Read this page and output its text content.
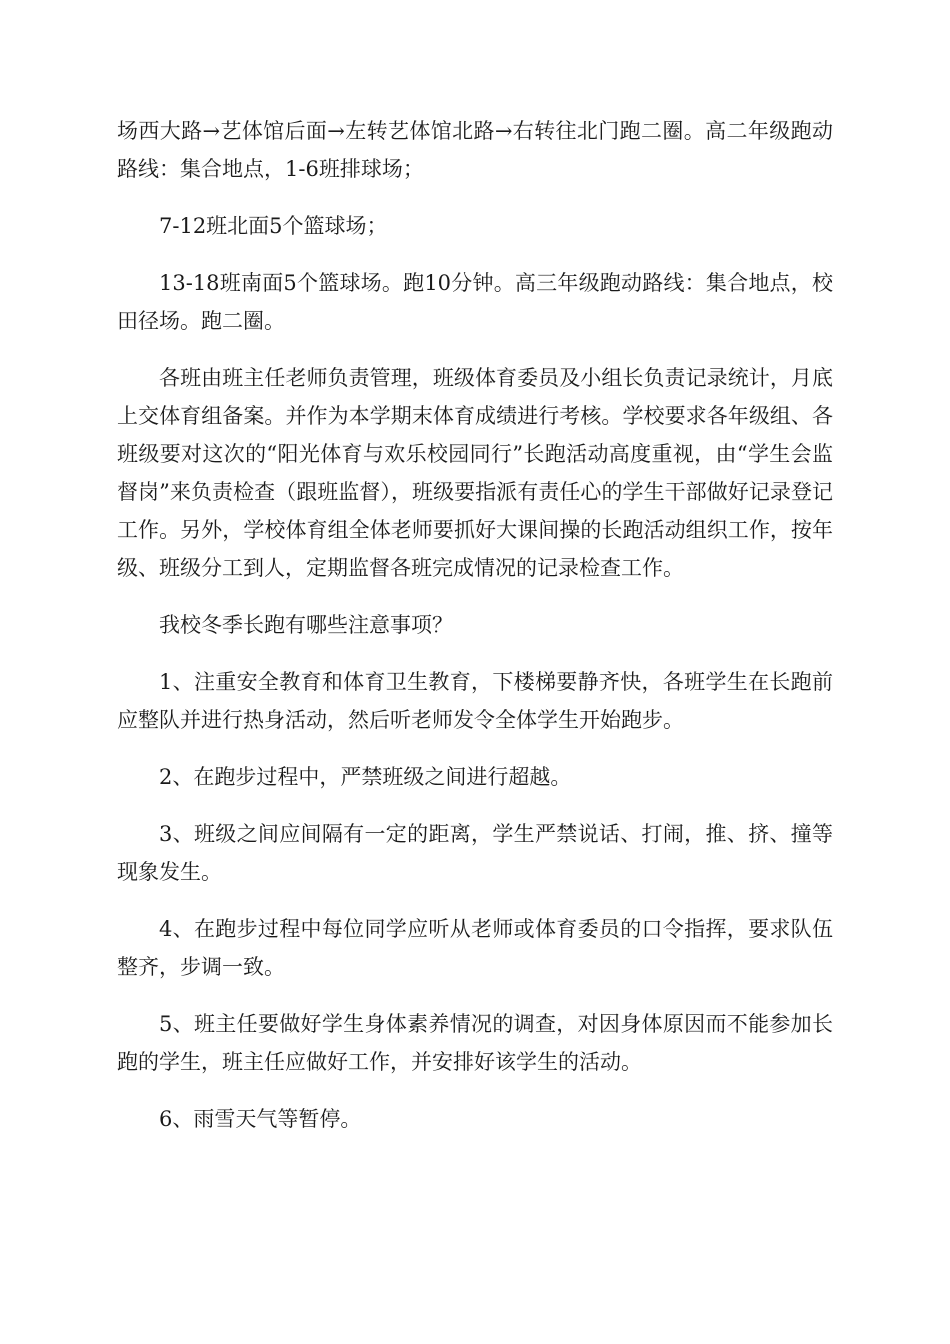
场西大路→艺体馆后面→左转艺体馆北路→右转往北门跑二圈。高二年级跑动路线：集合地点，1-6班排球场；

7-12班北面5个篮球场；

13-18班南面5个篮球场。跑10分钟。高三年级跑动路线：集合地点，校田径场。跑二圈。

各班由班主任老师负责管理，班级体育委员及小组长负责记录统计，月底上交体育组备案。并作为本学期末体育成绩进行考核。学校要求各年级组、各班级要对这次的“阳光体育与欢乐校园同行”长跑活动高度重视，由“学生会监督岗”来负责检查（跟班监督），班级要指派有责任心的学生干部做好记录登记工作。另外，学校体育组全体老师要抓好大课间操的长跑活动组织工作，按年级、班级分工到人，定期监督各班完成情况的记录检查工作。

我校冬季长跑有哪些注意事项？

1、注重安全教育和体育卫生教育，下楼梯要静齐快，各班学生在长跑前应整队并进行热身活动，然后听老师发令全体学生开始跑步。

2、在跑步过程中，严禁班级之间进行超越。

3、班级之间应间隔有一定的距离，学生严禁说话、打闹，推、挤、撞等现象发生。

4、在跑步过程中每位同学应听从老师或体育委员的口令指挥，要求队伍整齐，步调一致。

5、班主任要做好学生身体素养情况的调查，对因身体原因而不能参加长跑的学生，班主任应做好工作，并安排好该学生的活动。

6、雨雪天气等暂停。
